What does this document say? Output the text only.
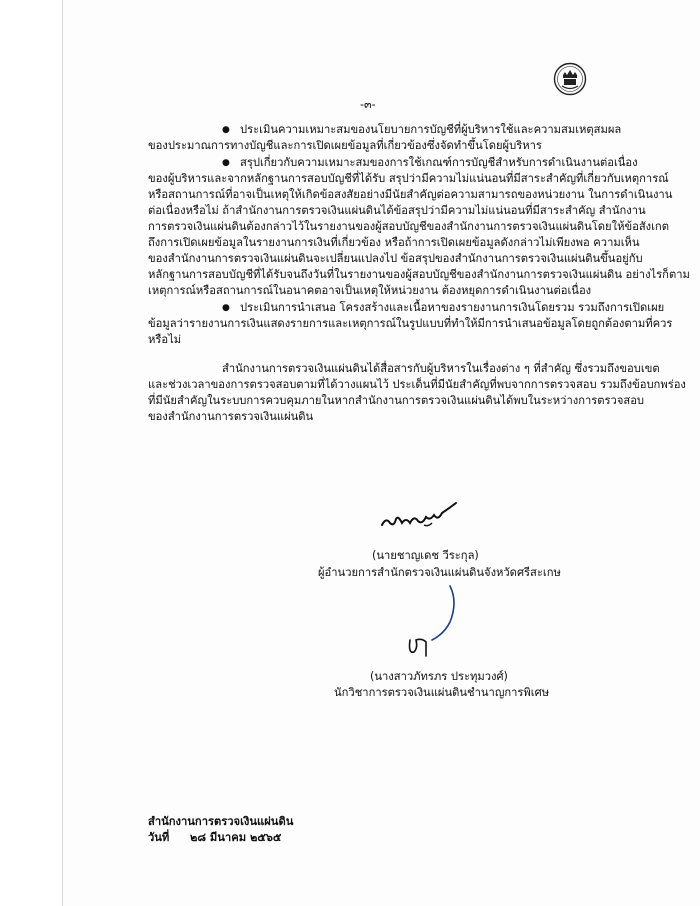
-๓-
● ประเมินความเหมาะสมของนโยบายการบัญชีที่ผู้บริหารใช้และความสมเหตุสมผล
ของประมาณการทางบัญชีและการเปิดเผยข้อมูลที่เกี่ยวข้องซึ่งจัดทำขึ้นโดยผู้บริหาร
● สรุปเกี่ยวกับความเหมาะสมของการใช้เกณฑ์การบัญชีสำหรับการดำเนินงานต่อเนื่อง
ของผู้บริหารและจากหลักฐานการสอบบัญชีที่ได้รับ สรุปว่ามีความไม่แน่นอนที่มีสาระสำคัญที่เกี่ยวกับเหตุการณ์
หรือสถานการณ์ที่อาจเป็นเหตุให้เกิดข้อสงสัยอย่างมีนัยสำคัญต่อความสามารถของหน่วยงาน ในการดำเนินงาน
ต่อเนื่องหรือไม่ ถ้าสำนักงานการตรวจเงินแผ่นดินได้ข้อสรุปว่ามีความไม่แน่นอนที่มีสาระสำคัญ สำนักงาน
การตรวจเงินแผ่นดินต้องกล่าวไว้ในรายงานของผู้สอบบัญชีของสำนักงานการตรวจเงินแผ่นดินโดยให้ข้อสังเกต
ถึงการเปิดเผยข้อมูลในรายงานการเงินที่เกี่ยวข้อง หรือถ้าการเปิดเผยข้อมูลดังกล่าวไม่เพียงพอ ความเห็น
ของสำนักงานการตรวจเงินแผ่นดินจะเปลี่ยนแปลงไป ข้อสรุปของสำนักงานการตรวจเงินแผ่นดินขึ้นอยู่กับ
หลักฐานการสอบบัญชีที่ได้รับจนถึงวันที่ในรายงานของผู้สอบบัญชีของสำนักงานการตรวจเงินแผ่นดิน อย่างไรก็ตาม
เหตุการณ์หรือสถานการณ์ในอนาคตอาจเป็นเหตุให้หน่วยงาน ต้องหยุดการดำเนินงานต่อเนื่อง
● ประเมินการนำเสนอ โครงสร้างและเนื้อหาของรายงานการเงินโดยรวม รวมถึงการเปิดเผย
ข้อมูลว่ารายงานการเงินแสดงรายการและเหตุการณ์ในรูปแบบที่ทำให้มีการนำเสนอข้อมูลโดยถูกต้องตามที่ควร
หรือไม่
สำนักงานการตรวจเงินแผ่นดินได้สื่อสารกับผู้บริหารในเรื่องต่าง ๆ ที่สำคัญ ซึ่งรวมถึงขอบเขต
และช่วงเวลาของการตรวจสอบตามที่ได้วางแผนไว้ ประเด็นที่มีนัยสำคัญที่พบจากการตรวจสอบ รวมถึงข้อบกพร่อง
ที่มีนัยสำคัญในระบบการควบคุมภายในหากสำนักงานการตรวจเงินแผ่นดินได้พบในระหว่างการตรวจสอบ
ของสำนักงานการตรวจเงินแผ่นดิน
(นายชาญเดช วีระกุล)
ผู้อำนวยการสำนักตรวจเงินแผ่นดินจังหวัดศรีสะเกษ
(นางสาวภัทรภร ประทุมวงศ์)
นักวิชาการตรวจเงินแผ่นดินชำนาญการพิเศษ
สำนักงานการตรวจเงินแผ่นดิน
วันที่ ๒๘ มีนาคม ๒๕๖๕
